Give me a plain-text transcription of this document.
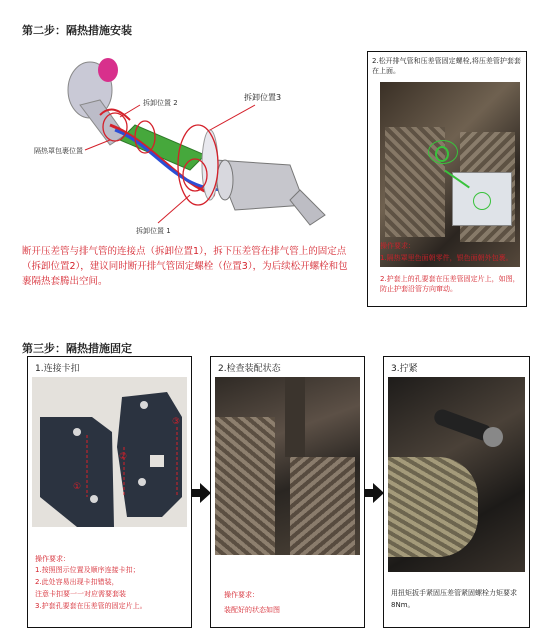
第二步：隔热措施安装
拆卸位置 2
拆卸位置3
隔热罩包裹位置
拆卸位置 1
断开压差管与排气管的连接点（拆卸位置1），拆下压差管在排气管上的固定点（拆卸位置2），建议同时断开排气管固定螺栓（位置3），为后续松开螺栓和包裹隔热套腾出空间。
2.松开排气管和压差管固定螺栓,将压差管护套套在上面。
操作要求：
1.隔热罩里色面朝零件，银色面朝外包裹。
2.护套上的孔要套在压差管固定片上，如图，防止护套沿管方向窜动。
第三步：隔热措施固定
1.连接卡扣
①
②
③
操作要求：
1.按照图示位置及顺序连接卡扣；
2.此处容易出现卡扣错装，
注意卡扣要一一对应需要套装
3.护套孔要套在压差管的固定片上。
2.检查装配状态
操作要求：
装配好的状态如图
3.拧紧
用扭矩扳手紧固压差管紧固螺栓力矩要求8Nm。
